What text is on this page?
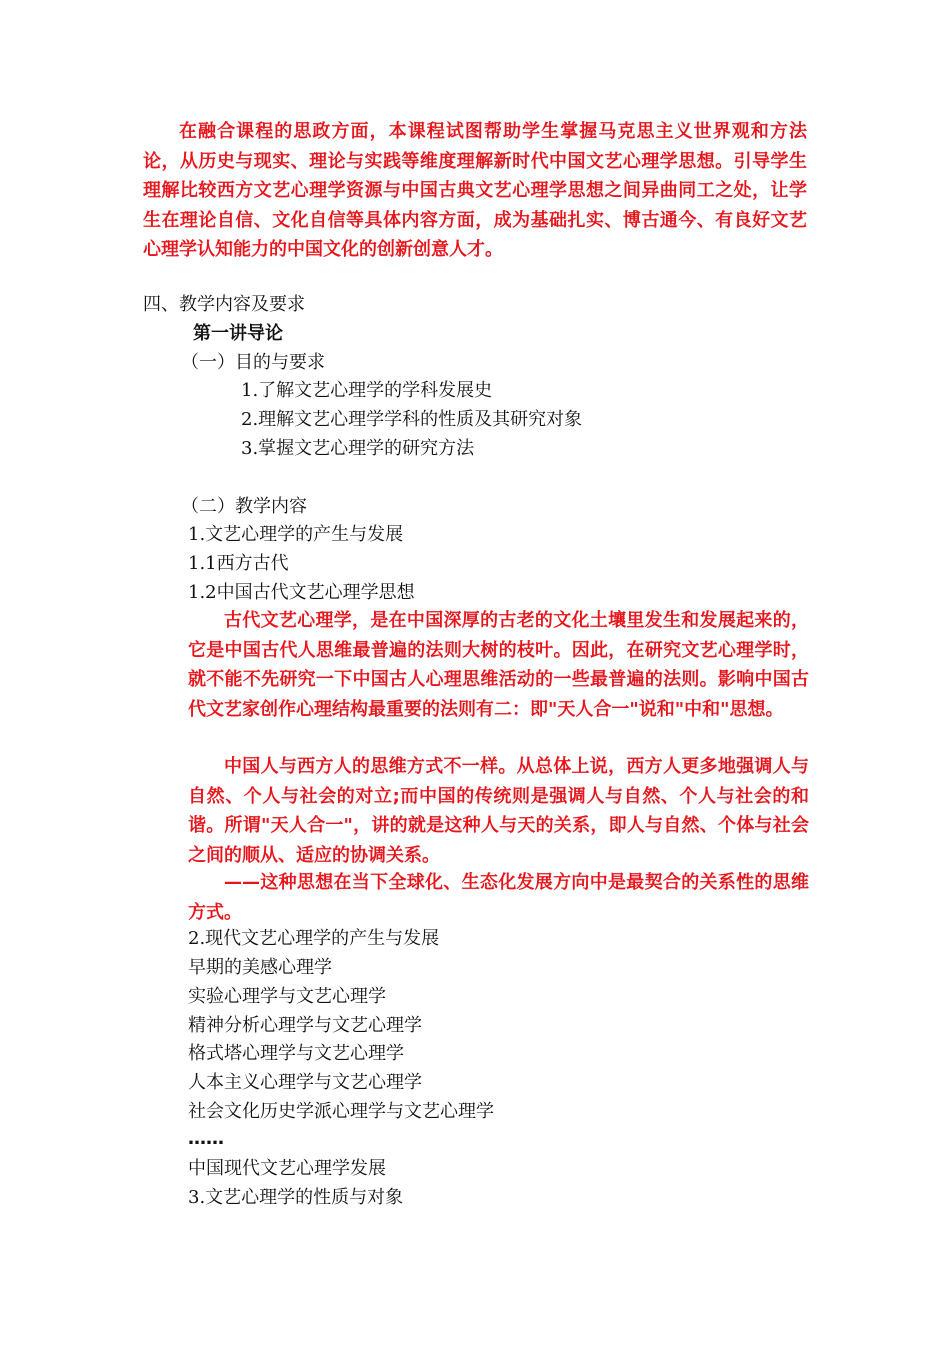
在融合课程的思政方面，本课程试图帮助学生掌握马克思主义世界观和方法论，从历史与现实、理论与实践等维度理解新时代中国文艺心理学思想。引导学生理解比较西方文艺心理学资源与中国古典文艺心理学思想之间异曲同工之处，让学生在理论自信、文化自信等具体内容方面，成为基础扎实、博古通今、有良好文艺心理学认知能力的中国文化的创新创意人才。

四、教学内容及要求

第一讲导论

（一）目的与要求

1.了解文艺心理学的学科发展史

2.理解文艺心理学学科的性质及其研究对象

3.掌握文艺心理学的研究方法

（二）教学内容

1.文艺心理学的产生与发展

1.1西方古代

1.2中国古代文艺心理学思想

古代文艺心理学，是在中国深厚的古老的文化土壤里发生和发展起来的，它是中国古代人思维最普遍的法则大树的枝叶。因此，在研究文艺心理学时，就不能不先研究一下中国古人心理思维活动的一些最普遍的法则。影响中国古代文艺家创作心理结构最重要的法则有二：即"天人合一"说和"中和"思想。

中国人与西方人的思维方式不一样。从总体上说，西方人更多地强调人与自然、个人与社会的对立;而中国的传统则是强调人与自然、个人与社会的和谐。所谓"天人合一"，讲的就是这种人与天的关系，即人与自然、个体与社会之间的顺从、适应的协调关系。

——这种思想在当下全球化、生态化发展方向中是最契合的关系性的思维方式。

2.现代文艺心理学的产生与发展

早期的美感心理学

实验心理学与文艺心理学

精神分析心理学与文艺心理学

格式塔心理学与文艺心理学

人本主义心理学与文艺心理学

社会文化历史学派心理学与文艺心理学

……

中国现代文艺心理学发展

3.文艺心理学的性质与对象
